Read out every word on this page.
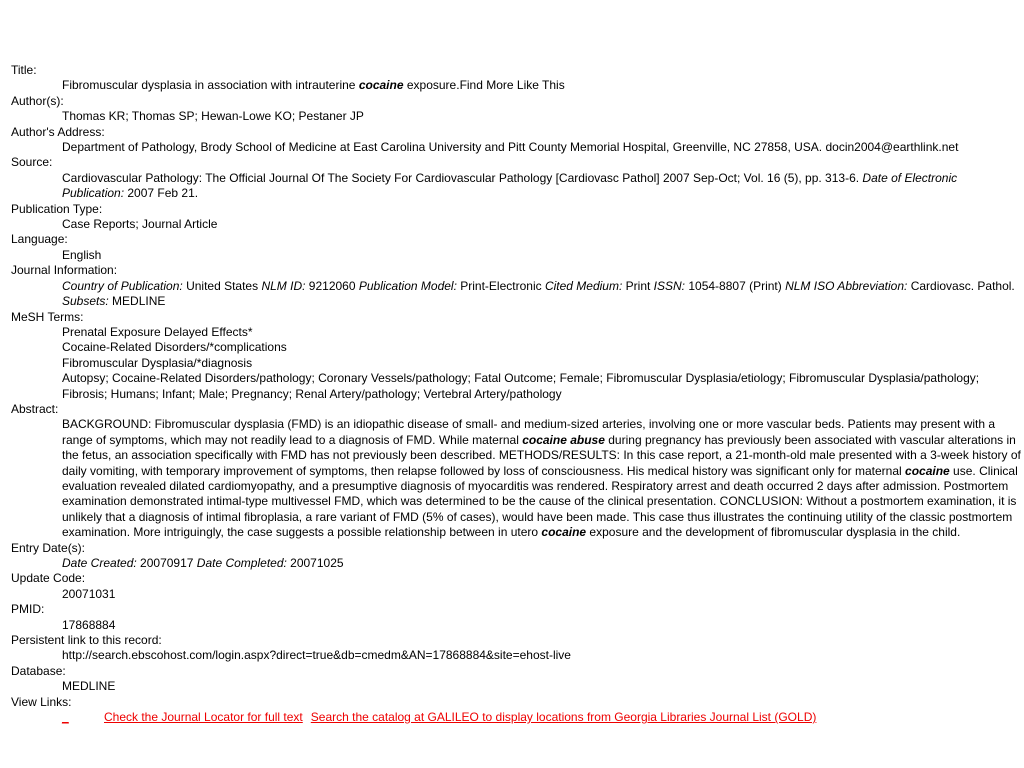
Title:
Fibromuscular dysplasia in association with intrauterine cocaine exposure.Find More Like This
Author(s):
Thomas KR; Thomas SP; Hewan-Lowe KO; Pestaner JP
Author's Address:
Department of Pathology, Brody School of Medicine at East Carolina University and Pitt County Memorial Hospital, Greenville, NC 27858, USA. docin2004@earthlink.net
Source:
Cardiovascular Pathology: The Official Journal Of The Society For Cardiovascular Pathology [Cardiovasc Pathol] 2007 Sep-Oct; Vol. 16 (5), pp. 313-6. Date of Electronic Publication: 2007 Feb 21.
Publication Type:
Case Reports; Journal Article
Language:
English
Journal Information:
Country of Publication: United States NLM ID: 9212060 Publication Model: Print-Electronic Cited Medium: Print ISSN: 1054-8807 (Print) NLM ISO Abbreviation: Cardiovasc. Pathol. Subsets: MEDLINE
MeSH Terms:
Prenatal Exposure Delayed Effects*
Cocaine-Related Disorders/*complications
Fibromuscular Dysplasia/*diagnosis
Autopsy; Cocaine-Related Disorders/pathology; Coronary Vessels/pathology; Fatal Outcome; Female; Fibromuscular Dysplasia/etiology; Fibromuscular Dysplasia/pathology; Fibrosis; Humans; Infant; Male; Pregnancy; Renal Artery/pathology; Vertebral Artery/pathology
Abstract:
BACKGROUND: Fibromuscular dysplasia (FMD) is an idiopathic disease of small- and medium-sized arteries, involving one or more vascular beds. Patients may present with a range of symptoms, which may not readily lead to a diagnosis of FMD. While maternal cocaine abuse during pregnancy has previously been associated with vascular alterations in the fetus, an association specifically with FMD has not previously been described. METHODS/RESULTS: In this case report, a 21-month-old male presented with a 3-week history of daily vomiting, with temporary improvement of symptoms, then relapse followed by loss of consciousness. His medical history was significant only for maternal cocaine use. Clinical evaluation revealed dilated cardiomyopathy, and a presumptive diagnosis of myocarditis was rendered. Respiratory arrest and death occurred 2 days after admission. Postmortem examination demonstrated intimal-type multivessel FMD, which was determined to be the cause of the clinical presentation. CONCLUSION: Without a postmortem examination, it is unlikely that a diagnosis of intimal fibroplasia, a rare variant of FMD (5% of cases), would have been made. This case thus illustrates the continuing utility of the classic postmortem examination. More intriguingly, the case suggests a possible relationship between in utero cocaine exposure and the development of fibromuscular dysplasia in the child.
Entry Date(s):
Date Created: 20070917 Date Completed: 20071025
Update Code:
20071031
PMID:
17868884
Persistent link to this record:
http://search.ebscohost.com/login.aspx?direct=true&db=cmedm&AN=17868884&site=ehost-live
Database:
MEDLINE
View Links:
_	Check the Journal Locator for full text Search the catalog at GALILEO to display locations from Georgia Libraries Journal List (GOLD)
